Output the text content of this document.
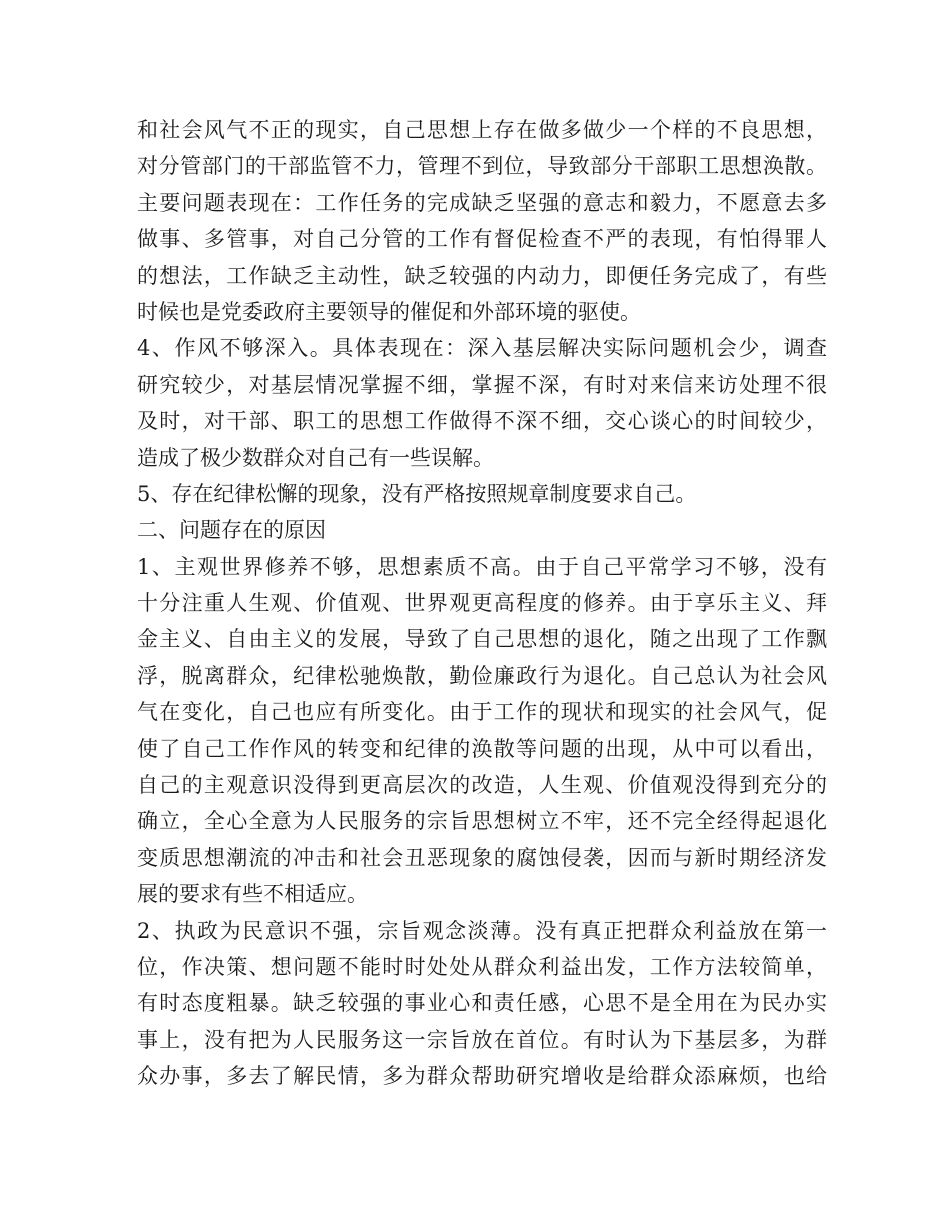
和社会风气不正的现实，自己思想上存在做多做少一个样的不良思想，
对分管部门的干部监管不力，管理不到位，导致部分干部职工思想涣散。
主要问题表现在：工作任务的完成缺乏坚强的意志和毅力，不愿意去多
做事、多管事，对自己分管的工作有督促检查不严的表现，有怕得罪人
的想法，工作缺乏主动性，缺乏较强的内动力，即便任务完成了，有些
时候也是党委政府主要领导的催促和外部环境的驱使。
4、作风不够深入。具体表现在：深入基层解决实际问题机会少，调查
研究较少，对基层情况掌握不细，掌握不深，有时对来信来访处理不很
及时，对干部、职工的思想工作做得不深不细，交心谈心的时间较少，
造成了极少数群众对自己有一些误解。
5、存在纪律松懈的现象，没有严格按照规章制度要求自己。
二、问题存在的原因
1、主观世界修养不够，思想素质不高。由于自己平常学习不够，没有
十分注重人生观、价值观、世界观更高程度的修养。由于享乐主义、拜
金主义、自由主义的发展，导致了自己思想的退化，随之出现了工作飘
浮，脱离群众，纪律松驰焕散，勤俭廉政行为退化。自己总认为社会风
气在变化，自己也应有所变化。由于工作的现状和现实的社会风气，促
使了自己工作作风的转变和纪律的涣散等问题的出现，从中可以看出，
自己的主观意识没得到更高层次的改造，人生观、价值观没得到充分的
确立，全心全意为人民服务的宗旨思想树立不牢，还不完全经得起退化
变质思想潮流的冲击和社会丑恶现象的腐蚀侵袭，因而与新时期经济发
展的要求有些不相适应。
2、执政为民意识不强，宗旨观念淡薄。没有真正把群众利益放在第一
位，作决策、想问题不能时时处处从群众利益出发，工作方法较简单，
有时态度粗暴。缺乏较强的事业心和责任感，心思不是全用在为民办实
事上，没有把为人民服务这一宗旨放在首位。有时认为下基层多，为群
众办事，多去了解民情，多为群众帮助研究增收是给群众添麻烦，也给
